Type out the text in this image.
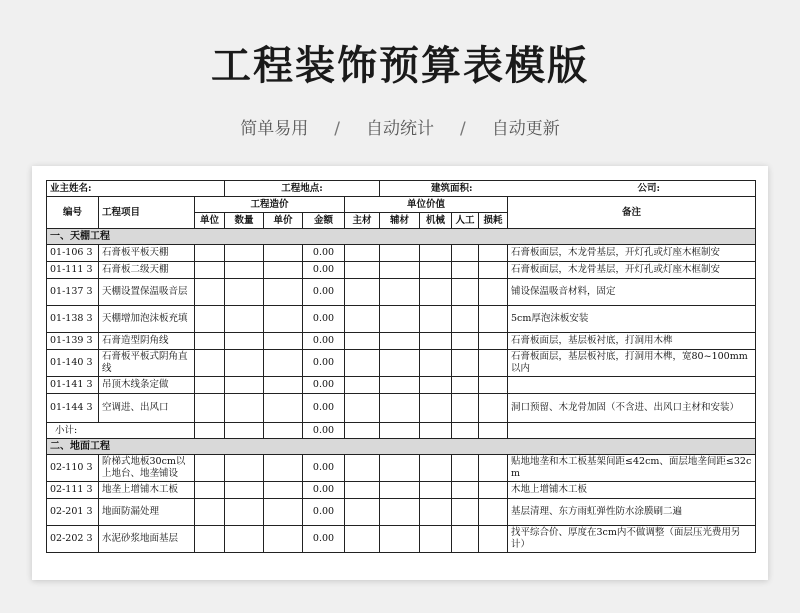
工程装饰预算表模版
简单易用 / 自动统计 / 自动更新
业主姓名:			工程地点:				建筑面积: 公司:				
编号	工程项目	工程造价				单位价值					备注
		单位	数量	单价	金额	主材	辅材	机械	人工	损耗	
一、天棚工程											
01-106 3	石膏板平板天棚				0.00						石膏板面层，木龙骨基层，开灯孔或灯座木框制安
01-111 3	石膏板二级天棚				0.00						石膏板面层，木龙骨基层，开灯孔或灯座木框制安
01-137 3	天棚设置保温吸音层				0.00						铺设保温吸音材料，固定
01-138 3	天棚增加泡沫板充填				0.00						5cm厚泡沫板安装
01-139 3	石膏造型阴角线				0.00						石膏板面层，基层板衬底，打洞用木榫
01-140 3	石膏板平板式阴角直线				0.00						石膏板面层，基层板衬底，打洞用木榫，宽80~100mm以内
01-141 3	吊顶木线条定做				0.00						
01-144 3	空调进、出风口				0.00						洞口预留、木龙骨加固（不含进、出风口主材和安装）
小计:					0.00						
二、地面工程											
02-110 3	阶梯式地板30cm以上地台、地垄铺设				0.00						贴地地垄和木工板基架间距≤42cm、面层地垄间距≤32cm
02-111 3	地垄上增铺木工板				0.00						木地上增铺木工板
02-201 3	地面防漏处理				0.00						基层清理、东方雨虹弹性防水涂膜刷二遍
02-202 3	水泥砂浆地面基层				0.00						找平综合价、厚度在3cm内不做调整（面层压光费用另计）
